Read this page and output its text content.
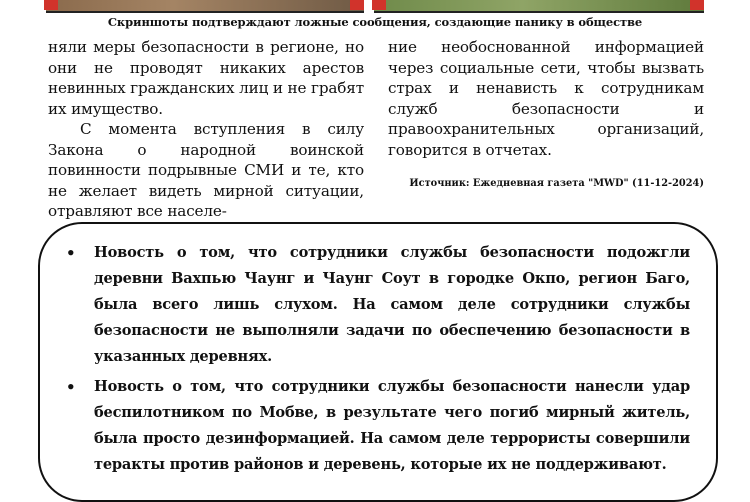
Скриншоты подтверждают ложные сообщения, создающие панику в обществе

няли меры безопасности в регионе, но они не проводят никаких арестов невинных гражданских лиц и не грабят их имущество.

С момента вступления в силу Закона о народной воинской повинности подрывные СМИ и те, кто не желает видеть мирной ситуации, отравляют все населе-

ние необоснованной информацией через социальные сети, чтобы вызвать страх и ненависть к сотрудникам служб безопасности и правоохранительных организаций, говорится в отчетах.

Источник: Ежедневная газета "MWD" (11-12-2024)
• Новость о том, что сотрудники службы безопасности подожгли деревни Вахпью Чаунг и Чаунг Соут в городке Окпо, регион Баго, была всего лишь слухом. На самом деле сотрудники службы безопасности не выполняли задачи по обеспечению безопасности в указанных деревнях.
• Новость о том, что сотрудники службы безопасности нанесли удар беспилотником по Мобве, в результате чего погиб мирный житель, была просто дезинформацией. На самом деле террористы совершили теракты против районов и деревень, которые их не поддерживают.
